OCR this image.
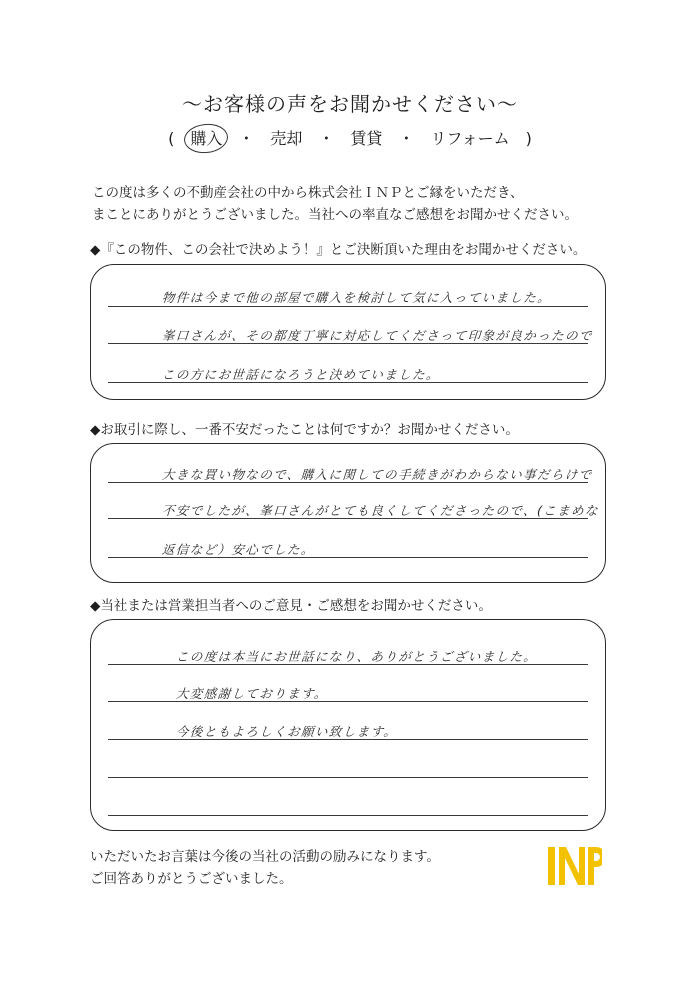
～お客様の声をお聞かせください～
(　購入　・　売却　・　賃貸　・　リフォーム　)
この度は多くの不動産会社の中から株式会社ＩＮＰとご縁をいただき、
まことにありがとうございました。当社への率直なご感想をお聞かせください。
◆『この物件、この会社で決めよう！』とご決断頂いた理由をお聞かせください。
物件は今まで他の部屋で購入を検討して気に入っていました。
峯口さんが、その都度丁寧に対応してくださって印象が良かったので
この方にお世話になろうと決めていました。
◆お取引に際し、一番不安だったことは何ですか？お聞かせください。
大きな買い物なので、購入に関しての手続きがわからない事だらけで
不安でしたが、峯口さんがとても良くしてくださったので、(こまめな
返信など）安心でした。
◆当社または営業担当者へのご意見・ご感想をお聞かせください。
この度は本当にお世話になり、ありがとうございました。
大変感謝しております。
今後ともよろしくお願い致します。
いただいたお言葉は今後の当社の活動の励みになります。
ご回答ありがとうございました。
